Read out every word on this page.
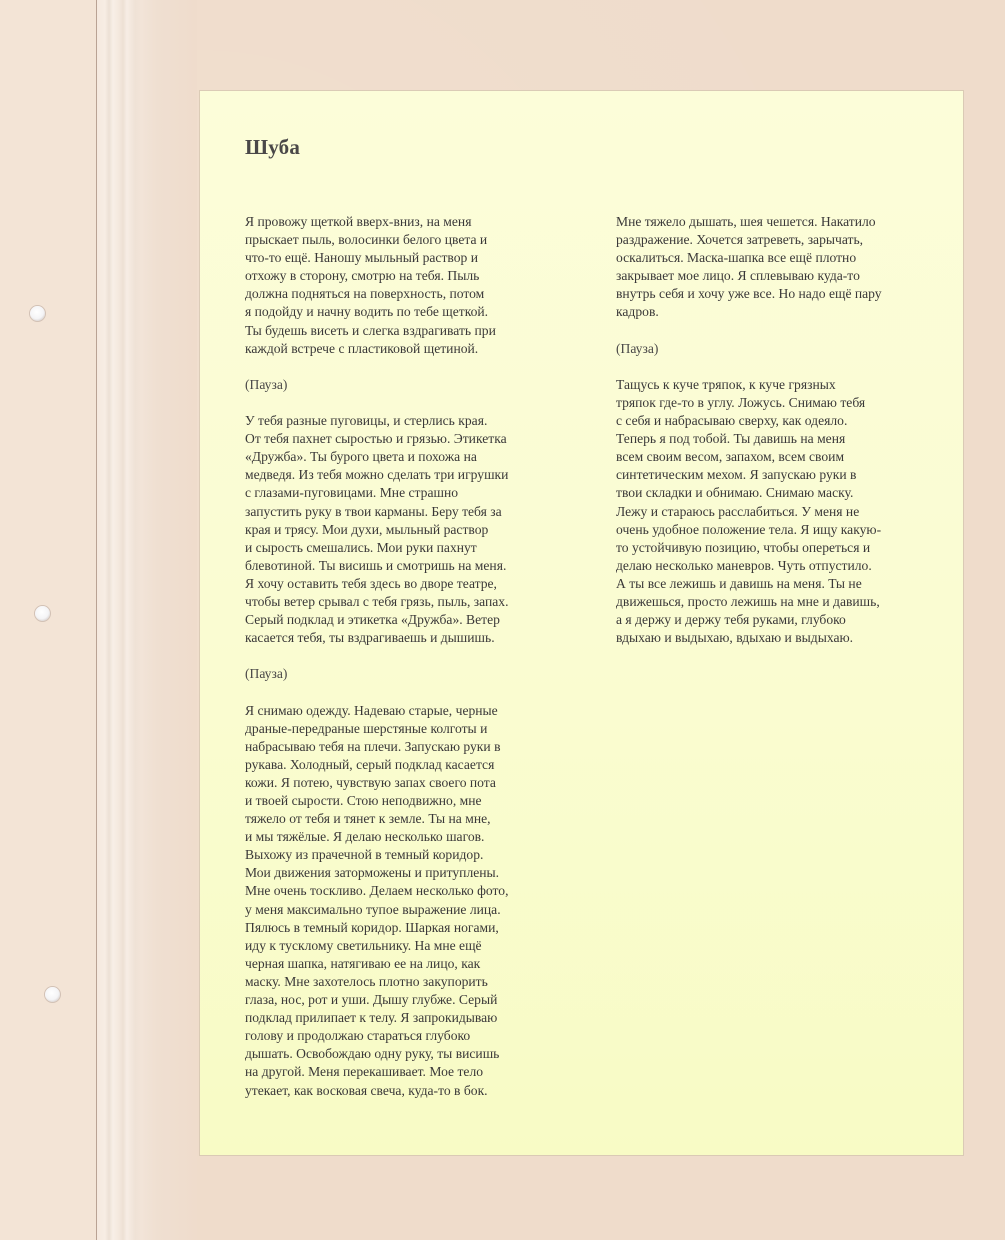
Шуба

Я провожу щеткой вверх-вниз, на меня
прыскает пыль, волосинки белого цвета и
что-то ещё. Наношу мыльный раствор и
отхожу в сторону, смотрю на тебя. Пыль
должна подняться на поверхность, потом
я подойду и начну водить по тебе щеткой.
Ты будешь висеть и слегка вздрагивать при
каждой встрече с пластиковой щетиной.

(Пауза)

У тебя разные пуговицы, и стерлись края.
От тебя пахнет сыростью и грязью. Этикетка
«Дружба». Ты бурого цвета и похожа на
медведя. Из тебя можно сделать три игрушки
с глазами-пуговицами. Мне страшно
запустить руку в твои карманы. Беру тебя за
края и трясу. Мои духи, мыльный раствор
и сырость смешались. Мои руки пахнут
блевотиной. Ты висишь и смотришь на меня.
Я хочу оставить тебя здесь во дворе театре,
чтобы ветер срывал с тебя грязь, пыль, запах.
Серый подклад и этикетка «Дружба». Ветер
касается тебя, ты вздрагиваешь и дышишь.

(Пауза)

Я снимаю одежду. Надеваю старые, черные
драные-передраные шерстяные колготы и
набрасываю тебя на плечи. Запускаю руки в
рукава. Холодный, серый подклад касается
кожи. Я потею, чувствую запах своего пота
и твоей сырости. Стою неподвижно, мне
тяжело от тебя и тянет к земле. Ты на мне,
и мы тяжёлые. Я делаю несколько шагов.
Выхожу из прачечной в темный коридор.
Мои движения заторможены и притуплены.
Мне очень тоскливо. Делаем несколько фото,
у меня максимально тупое выражение лица.
Пялюсь в темный коридор. Шаркая ногами,
иду к тусклому светильнику. На мне ещё
черная шапка, натягиваю ее на лицо, как
маску. Мне захотелось плотно закупорить
глаза, нос, рот и уши. Дышу глубже. Серый
подклад прилипает к телу. Я запрокидываю
голову и продолжаю стараться глубоко
дышать. Освобождаю одну руку, ты висишь
на другой. Меня перекашивает. Мое тело
утекает, как восковая свеча, куда-то в бок.

Мне тяжело дышать, шея чешется. Накатило
раздражение. Хочется затреветь, зарычать,
оскалиться. Маска-шапка все ещё плотно
закрывает мое лицо. Я сплевываю куда-то
внутрь себя и хочу уже все. Но надо ещё пару
кадров.

(Пауза)

Тащусь к куче тряпок, к куче грязных
тряпок где-то в углу. Ложусь. Снимаю тебя
с себя и набрасываю сверху, как одеяло.
Теперь я под тобой. Ты давишь на меня
всем своим весом, запахом, всем своим
синтетическим мехом. Я запускаю руки в
твои складки и обнимаю. Снимаю маску.
Лежу и стараюсь расслабиться. У меня не
очень удобное положение тела. Я ищу какую-
то устойчивую позицию, чтобы опереться и
делаю несколько маневров. Чуть отпустило.
А ты все лежишь и давишь на меня. Ты не
движешься, просто лежишь на мне и давишь,
а я держу и держу тебя руками, глубоко
вдыхаю и выдыхаю, вдыхаю и выдыхаю.
